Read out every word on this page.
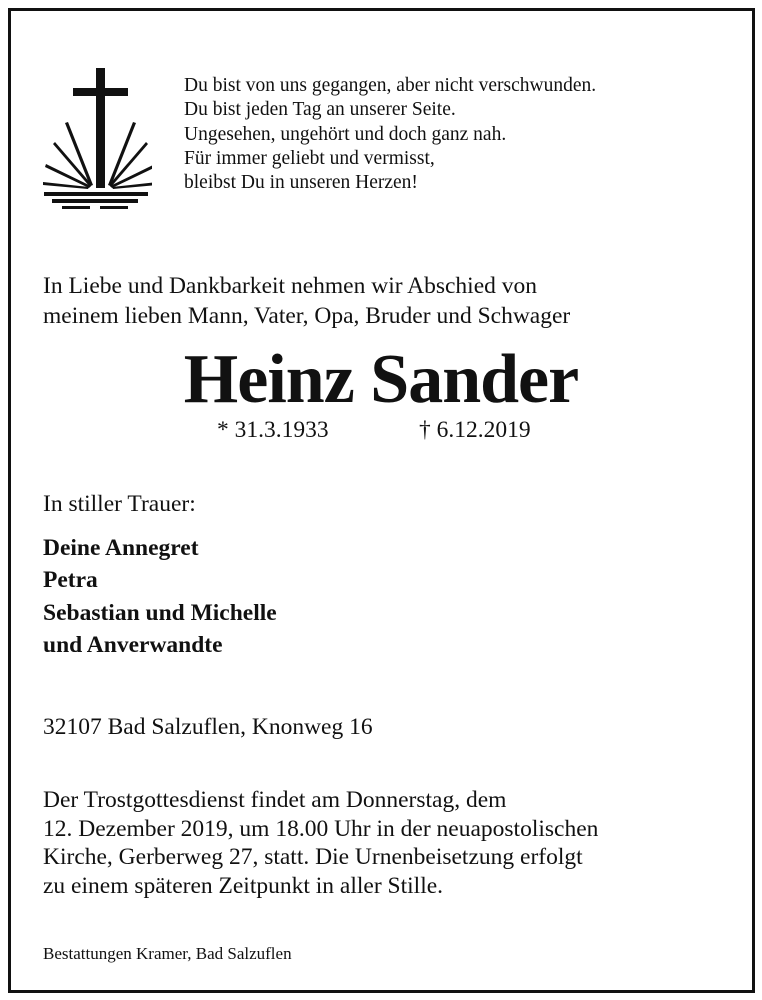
Du bist von uns gegangen, aber nicht verschwunden.
Du bist jeden Tag an unserer Seite.
Ungesehen, ungehört und doch ganz nah.
Für immer geliebt und vermisst,
bleibst Du in unseren Herzen!
In Liebe und Dankbarkeit nehmen wir Abschied von
meinem lieben Mann, Vater, Opa, Bruder und Schwager
Heinz Sander
* 31.3.1933	† 6.12.2019
In stiller Trauer:
Deine Annegret
Petra
Sebastian und Michelle
und Anverwandte
32107 Bad Salzuflen, Knonweg 16
Der Trostgottesdienst findet am Donnerstag, dem
12. Dezember 2019, um 18.00 Uhr in der neuapostolischen
Kirche, Gerberweg 27, statt. Die Urnenbeisetzung erfolgt
zu einem späteren Zeitpunkt in aller Stille.
Bestattungen Kramer, Bad Salzuflen
